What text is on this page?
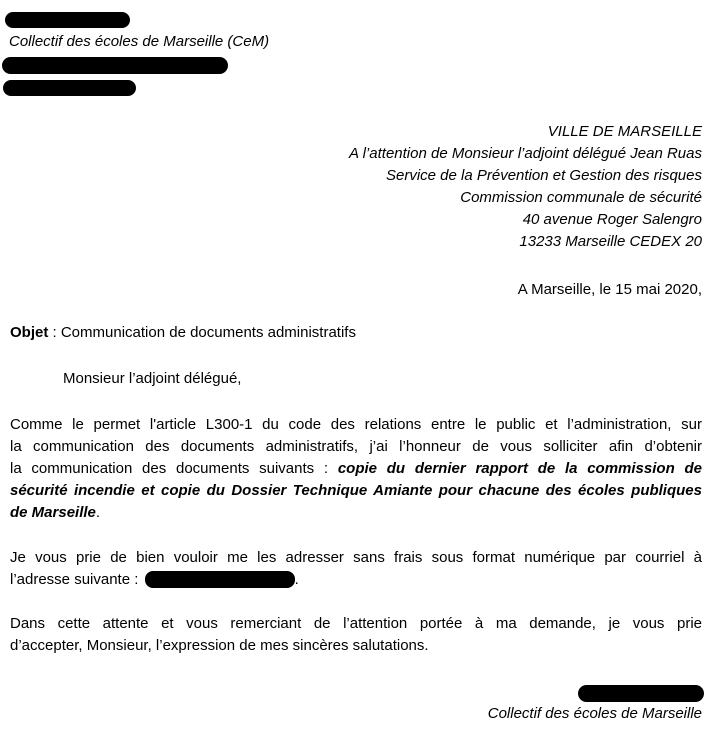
Collectif des écoles de Marseille (CeM)
VILLE DE MARSEILLE
A l’attention de Monsieur l’adjoint délégué Jean Ruas
Service de la Prévention et Gestion des risques
Commission communale de sécurité
40 avenue Roger Salengro
13233 Marseille CEDEX 20
A Marseille, le 15 mai 2020,
Objet : Communication de documents administratifs
Monsieur l’adjoint délégué,
Comme le permet l'article L300-1 du code des relations entre le public et l’administration, sur
la communication des documents administratifs, j’ai l’honneur de vous solliciter afin d’obtenir
la communication des documents suivants : copie du dernier rapport de la commission de
sécurité incendie et copie du Dossier Technique Amiante pour chacune des écoles publiques
de Marseille.
Je vous prie de bien vouloir me les adresser sans frais sous format numérique par courriel à
l’adresse suivante :	.
Dans cette attente et vous remerciant de l’attention portée à ma demande, je vous prie
d’accepter, Monsieur, l’expression de mes sincères salutations.
Collectif des écoles de Marseille
